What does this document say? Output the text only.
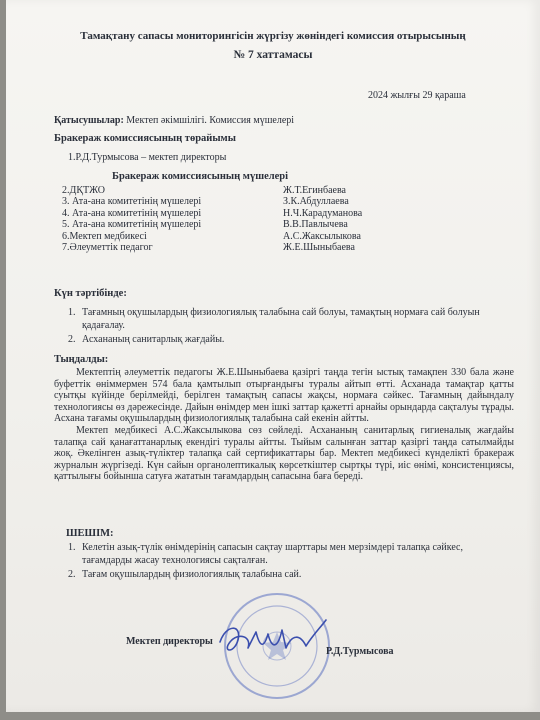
Тамақтану сапасы мониторингісін жүргізу жөніндегі комиссия отырысының
№ 7 хаттамасы
2024 жылғы 29 қараша
Қатысушылар: Мектеп әкімшілігі. Комиссия мүшелері
Бракераж комиссиясының төрайымы
1.Р.Д.Турмысова – мектеп директоры
Бракераж комиссиясының мүшелері
2.ДҚТЖО	Ж.Т.Егинбаева
3. Ата-ана комитетінің мүшелері	З.К.Абдуллаева
4. Ата-ана комитетінің мүшелері	Н.Ч.Карадуманова
5. Ата-ана комитетінің мүшелері	В.В.Павлычева
6.Мектеп медбикесі	А.С.Жаксылыкова
7.Әлеуметтік педагог	Ж.Е.Шыныбаева
Күн тәртібінде:
1. Тағамның оқушылардың физиологиялық талабына сай болуы, тамақтың нормаға сай болуын қадағалау.
2. Асхананың санитарлық жағдайы.
Тыңдалды:

Мектептің әлеуметтік педагогы Ж.Е.Шыныбаева қазіргі таңда тегін ыстық тамақпен 330 бала және буфеттік өніммермен 574 бала қамтылып отырғандығы туралы айтып өтті. Асханада тамақтар қатты суытқы күйінде берілмейді, берілген тамақтың сапасы жақсы, нормаға сәйкес. Тағамның дайындалу технологиясы өз дәрежесінде. Дайын өнімдер мен ішкі заттар қажетті арнайы орындарда сақталуы тұрады. Асхана тағамы оқушылардың физиологиялық талабына сай екенін айтты.

Мектеп медбикесі А.С.Жаксылыкова сөз сөйледі. Асхананың санитарлық гигиеналық жағдайы талапқа сай қанағаттанарлық екендігі туралы айтты. Тыйым салынған заттар қазіргі таңда сатылмайды жоқ. Әкелінген азық-түліктер талапқа сай сертификаттары бар. Мектеп медбикесі күнделікті бракераж журналын жүргізеді. Күн сайын органолептикалық көрсеткіштер сыртқы түрі, иіс өнімі, консистенциясы, қаттылығы бойынша сатуға жататын тағамдардың сапасына баға береді.

ШЕШІМ:
1. Келетін азық-түлік өнімдерінің сапасын сақтау шарттары мен мерзімдері талапқа сәйкес, тағамдарды жасау технологиясы сақталған.
2. Тағам оқушылардың физиологиялық талабына сай.
Мектеп директоры
Р.Д.Турмысова
